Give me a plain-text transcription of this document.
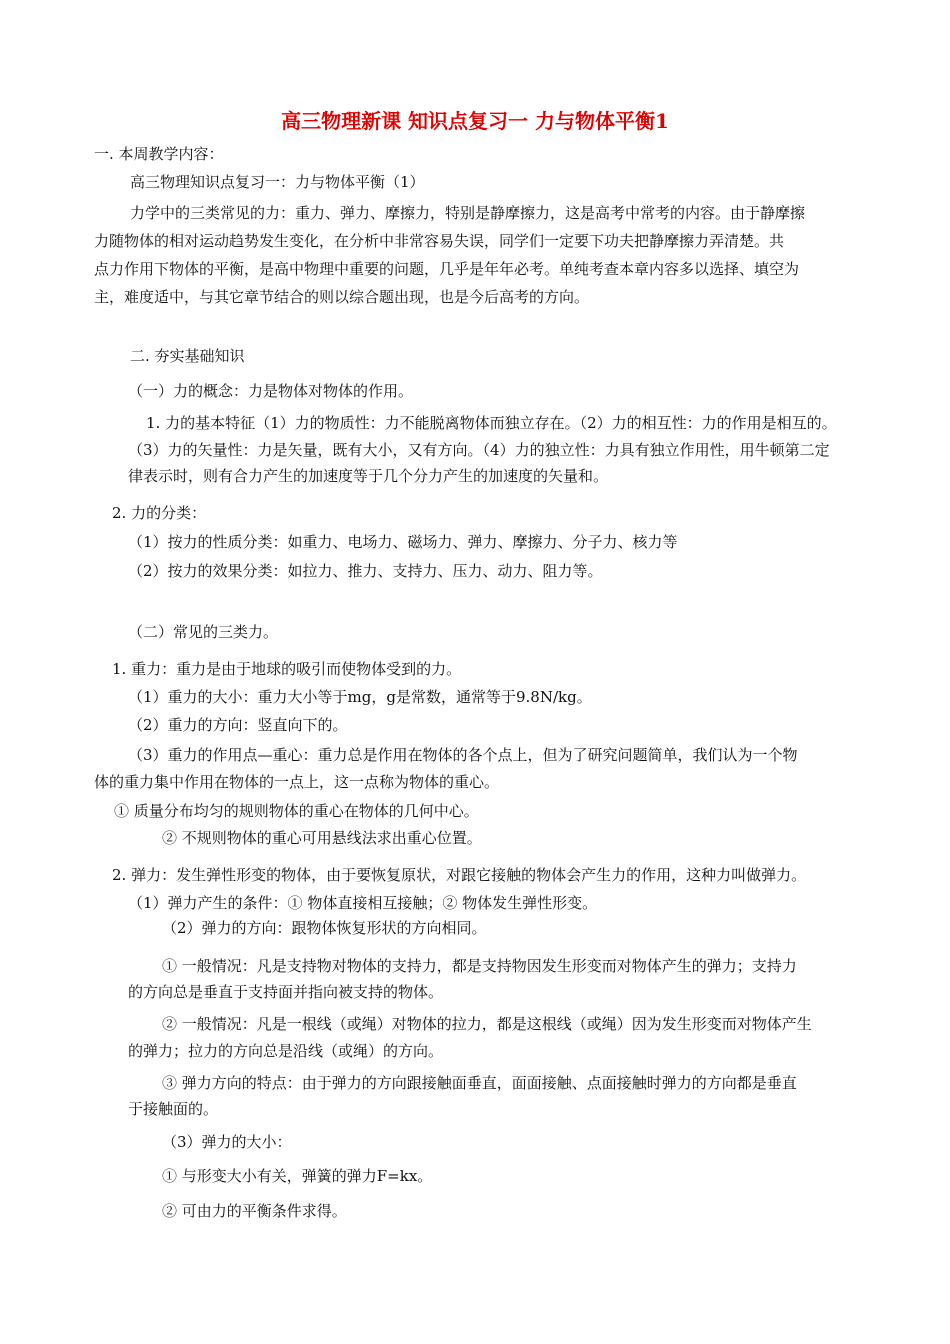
高三物理新课 知识点复习一 力与物体平衡1
一. 本周教学内容：
高三物理知识点复习一：力与物体平衡（1）
力学中的三类常见的力：重力、弹力、摩擦力，特别是静摩擦力，这是高考中常考的内容。由于静摩擦
力随物体的相对运动趋势发生变化，在分析中非常容易失误，同学们一定要下功夫把静摩擦力弄清楚。共
点力作用下物体的平衡，是高中物理中重要的问题，几乎是年年必考。单纯考查本章内容多以选择、填空为
主，难度适中，与其它章节结合的则以综合题出现，也是今后高考的方向。
二. 夯实基础知识
（一）力的概念：力是物体对物体的作用。
1. 力的基本特征（1）力的物质性：力不能脱离物体而独立存在。（2）力的相互性：力的作用是相互的。
（3）力的矢量性：力是矢量，既有大小，又有方向。（4）力的独立性：力具有独立作用性，用牛顿第二定
律表示时，则有合力产生的加速度等于几个分力产生的加速度的矢量和。
2. 力的分类：
（1）按力的性质分类：如重力、电场力、磁场力、弹力、摩擦力、分子力、核力等
（2）按力的效果分类：如拉力、推力、支持力、压力、动力、阻力等。
（二）常见的三类力。
1. 重力：重力是由于地球的吸引而使物体受到的力。
（1）重力的大小：重力大小等于mg，g是常数，通常等于9.8N/kg。
（2）重力的方向：竖直向下的。
（3）重力的作用点—重心：重力总是作用在物体的各个点上，但为了研究问题简单，我们认为一个物
体的重力集中作用在物体的一点上，这一点称为物体的重心。
① 质量分布均匀的规则物体的重心在物体的几何中心。
② 不规则物体的重心可用悬线法求出重心位置。
2. 弹力：发生弹性形变的物体，由于要恢复原状，对跟它接触的物体会产生力的作用，这种力叫做弹力。
（1）弹力产生的条件：① 物体直接相互接触；② 物体发生弹性形变。
（2）弹力的方向：跟物体恢复形状的方向相同。
① 一般情况：凡是支持物对物体的支持力，都是支持物因发生形变而对物体产生的弹力；支持力
的方向总是垂直于支持面并指向被支持的物体。
② 一般情况：凡是一根线（或绳）对物体的拉力，都是这根线（或绳）因为发生形变而对物体产生
的弹力；拉力的方向总是沿线（或绳）的方向。
③ 弹力方向的特点：由于弹力的方向跟接触面垂直，面面接触、点面接触时弹力的方向都是垂直
于接触面的。
（3）弹力的大小：
① 与形变大小有关，弹簧的弹力F=kx。
② 可由力的平衡条件求得。
